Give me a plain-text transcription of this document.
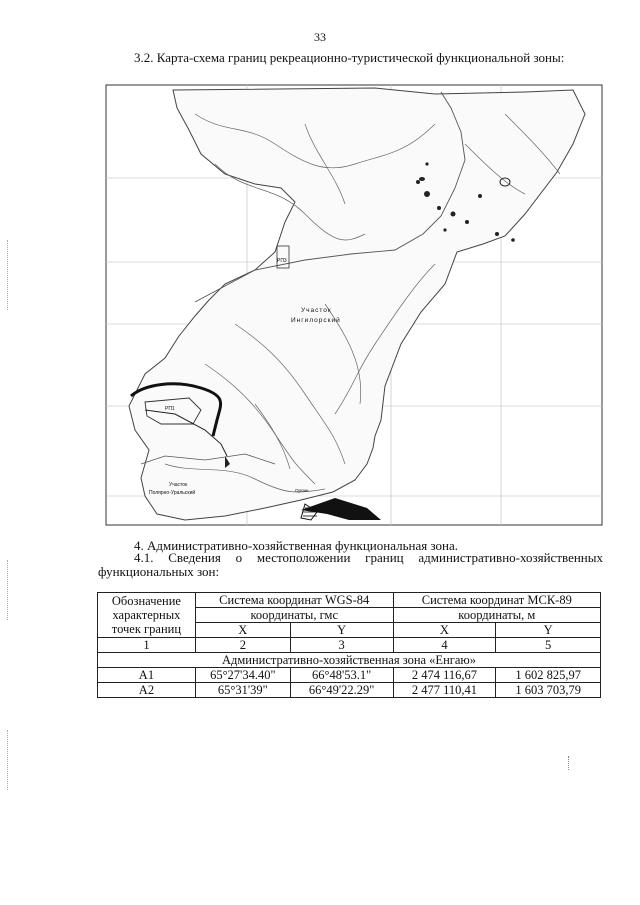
33
3.2. Карта-схема границ рекреационно-туристической функциональной зоны:
Участок
Ингилорский
РП3
РП1
Участок
Полярно-Уральский	Орлин
4. Административно-хозяйственная функциональная зона.
4.1. Сведения о местоположении границ административно-хозяйственных функциональных зон:
Обозначение характерных точек границ	Система координат WGS-84		Система координат МСК-89	
	координаты, гмс		координаты, м	
	X	Y	X	Y
1	2	3	4	5
Административно-хозяйственная зона «Енгаю»				
А1	65°27'34.40"	66°48'53.1"	2 474 116,67	1 602 825,97
А2	65°31'39"	66°49'22.29"	2 477 110,41	1 603 703,79
